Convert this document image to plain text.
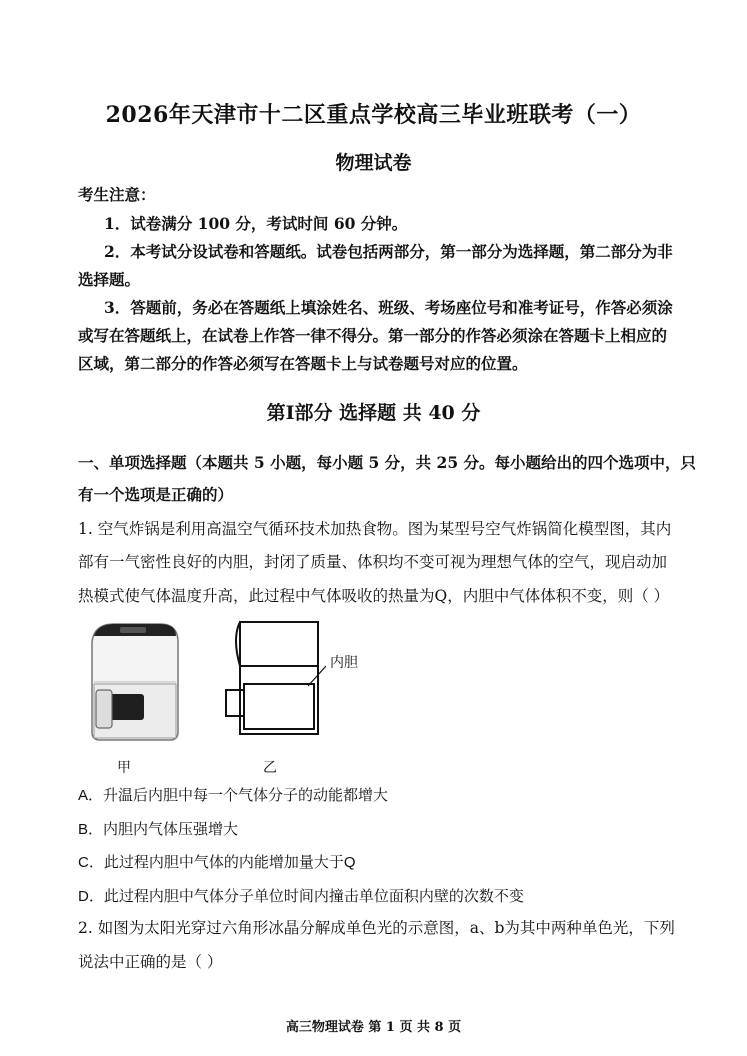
2026年天津市十二区重点学校高三毕业班联考（一）
物理试卷
考生注意：
1．试卷满分 100 分，考试时间 60 分钟。
2．本考试分设试卷和答题纸。试卷包括两部分，第一部分为选择题，第二部分为非
选择题。
3．答题前，务必在答题纸上填涂姓名、班级、考场座位号和准考证号，作答必须涂
或写在答题纸上，在试卷上作答一律不得分。第一部分的作答必须涂在答题卡上相应的
区域，第二部分的作答必须写在答题卡上与试卷题号对应的位置。
第Ⅰ部分 选择题 共 40 分
一、单项选择题（本题共 5 小题，每小题 5 分，共 25 分。每小题给出的四个选项中，只
有一个选项是正确的）
1. 空气炸锅是利用高温空气循环技术加热食物。图为某型号空气炸锅简化模型图，其内
部有一气密性良好的内胆，封闭了质量、体积均不变可视为理想气体的空气，现启动加
热模式使气体温度升高，此过程中气体吸收的热量为Q，内胆中气体体积不变，则（ ）
内胆
甲	乙
A．升温后内胆中每一个气体分子的动能都增大
B．内胆内气体压强增大
C．此过程内胆中气体的内能增加量大于Q
D．此过程内胆中气体分子单位时间内撞击单位面积内壁的次数不变
2. 如图为太阳光穿过六角形冰晶分解成单色光的示意图，a、b为其中两种单色光，下列
说法中正确的是（ ）
高三物理试卷 第 1 页 共 8 页
